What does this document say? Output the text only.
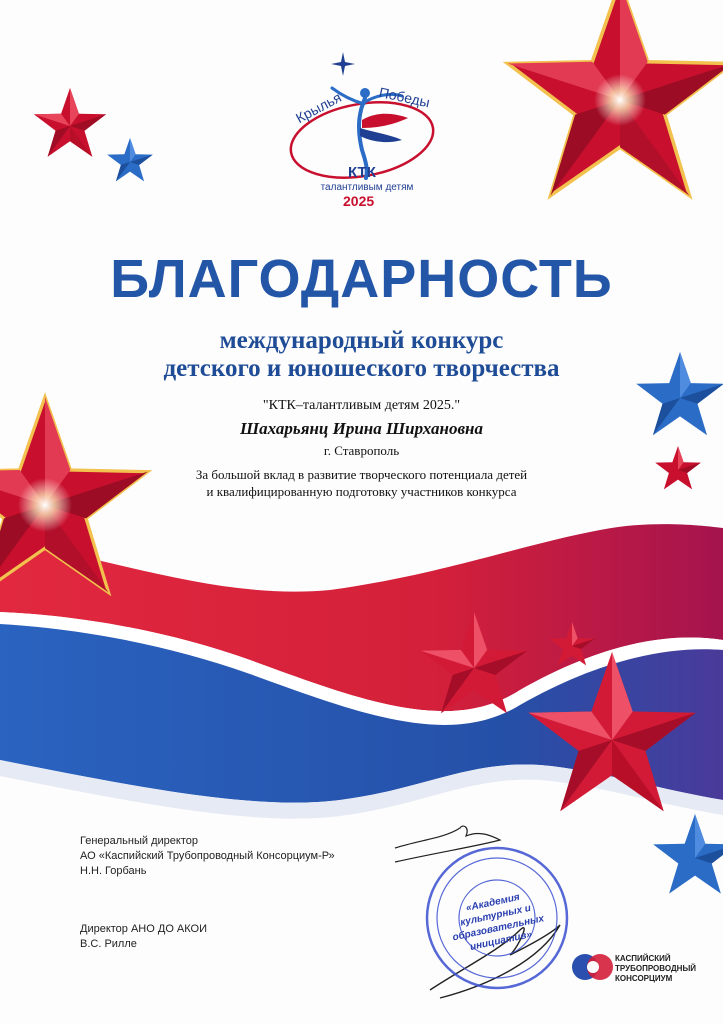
Крылья Победы
КТК
талантливым детям
2025
БЛАГОДАРНОСТЬ
международный конкурс
детского и юношеского творчества
"КТК–талантливым детям 2025."
Шахарьянц Ирина Ширхановна
г. Ставрополь
За большой вклад в развитие творческого потенциала детей
и квалифицированную подготовку участников конкурса
Генеральный директор
АО «Каспийский Трубопроводный Консорциум-Р»
Н.Н. Горбань
Директор АНО ДО АКОИ
В.С. Рилле
«Академия культурных и образовательных инициатив»
КАСПИЙСКИЙ
ТРУБОПРОВОДНЫЙ
КОНСОРЦИУМ
